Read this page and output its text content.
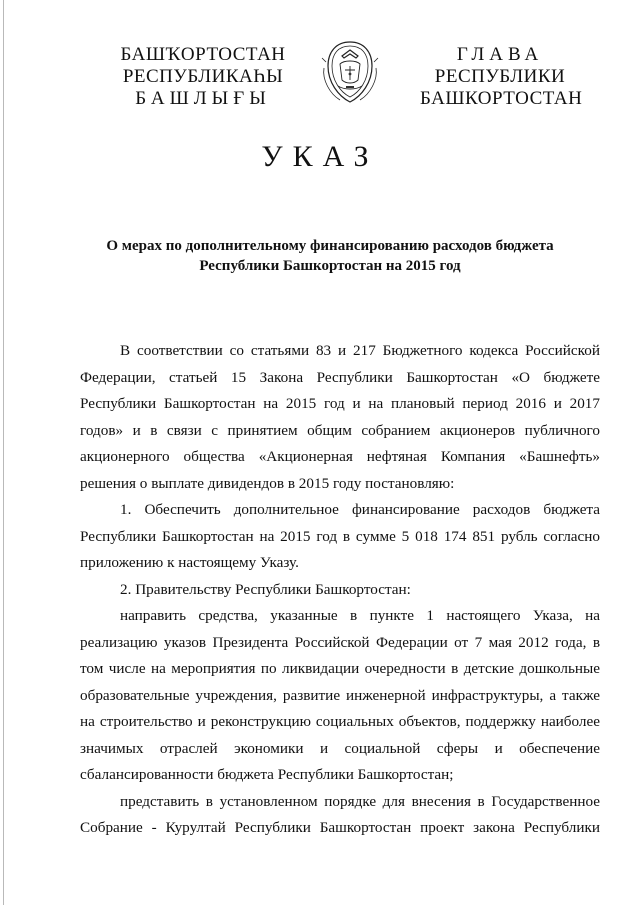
БАШҠОРТОСТАН
РЕСПУБЛИКАҺЫ
БАШЛЫҒЫ
ГЛАВА
РЕСПУБЛИКИ
БАШКОРТОСТАН
УКАЗ
О мерах по дополнительному финансированию расходов бюджета
Республики Башкортостан на 2015 год

В соответствии со статьями 83 и 217 Бюджетного кодекса Российской Федерации, статьей 15 Закона Республики Башкортостан «О бюджете Республики Башкортостан на 2015 год и на плановый период 2016 и 2017 годов» и в связи с принятием общим собранием акционеров публичного акционерного общества «Акционерная нефтяная Компания «Башнефть» решения о выплате дивидендов в 2015 году постановляю:

1. Обеспечить дополнительное финансирование расходов бюджета Республики Башкортостан на 2015 год в сумме 5 018 174 851 рубль согласно приложению к настоящему Указу.

2. Правительству Республики Башкортостан:

направить средства, указанные в пункте 1 настоящего Указа, на реализацию указов Президента Российской Федерации от 7 мая 2012 года, в том числе на мероприятия по ликвидации очередности в детские дошкольные образовательные учреждения, развитие инженерной инфраструктуры, а также на строительство и реконструкцию социальных объектов, поддержку наиболее значимых отраслей экономики и социальной сферы и обеспечение сбалансированности бюджета Республики Башкортостан;

представить в установленном порядке для внесения в Государственное Собрание - Курултай Республики Башкортостан проект закона Республики
